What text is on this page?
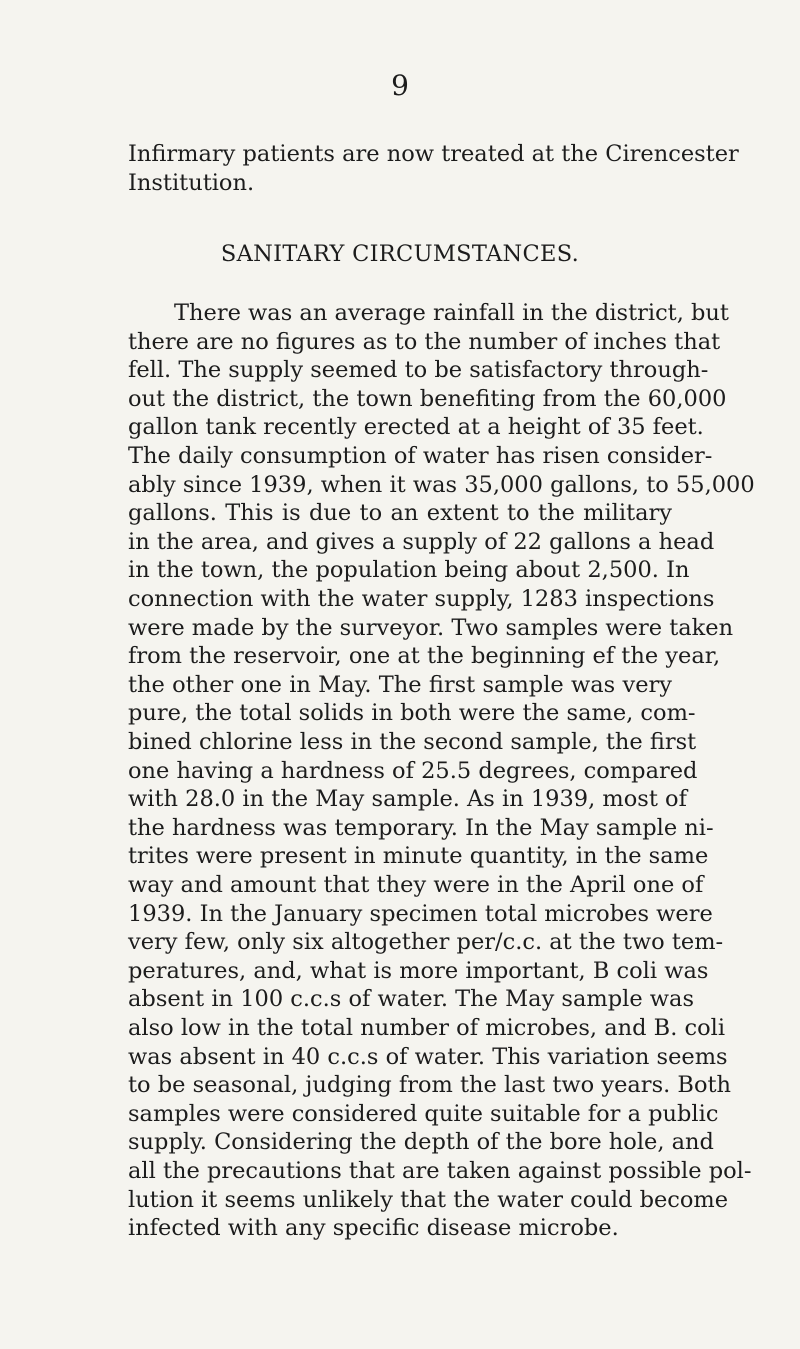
9
Infirmary patients are now treated at the Cirencester
Institution.
SANITARY CIRCUMSTANCES.
There was an average rainfall in the district, but
there are no figures as to the number of inches that
fell. The supply seemed to be satisfactory through-
out the district, the town benefiting from the 60,000
gallon tank recently erected at a height of 35 feet.
The daily consumption of water has risen consider-
ably since 1939, when it was 35,000 gallons, to 55,000
gallons. This is due to an extent to the military
in the area, and gives a supply of 22 gallons a head
in the town, the population being about 2,500. In
connection with the water supply, 1283 inspections
were made by the surveyor. Two samples were taken
from the reservoir, one at the beginning ef the year,
the other one in May. The first sample was very
pure, the total solids in both were the same, com-
bined chlorine less in the second sample, the first
one having a hardness of 25.5 degrees, compared
with 28.0 in the May sample. As in 1939, most of
the hardness was temporary. In the May sample ni-
trites were present in minute quantity, in the same
way and amount that they were in the April one of
1939. In the January specimen total microbes were
very few, only six altogether per/c.c. at the two tem-
peratures, and, what is more important, B coli was
absent in 100 c.c.s of water. The May sample was
also low in the total number of microbes, and B. coli
was absent in 40 c.c.s of water. This variation seems
to be seasonal, judging from the last two years. Both
samples were considered quite suitable for a public
supply. Considering the depth of the bore hole, and
all the precautions that are taken against possible pol-
lution it seems unlikely that the water could become
infected with any specific disease microbe.
